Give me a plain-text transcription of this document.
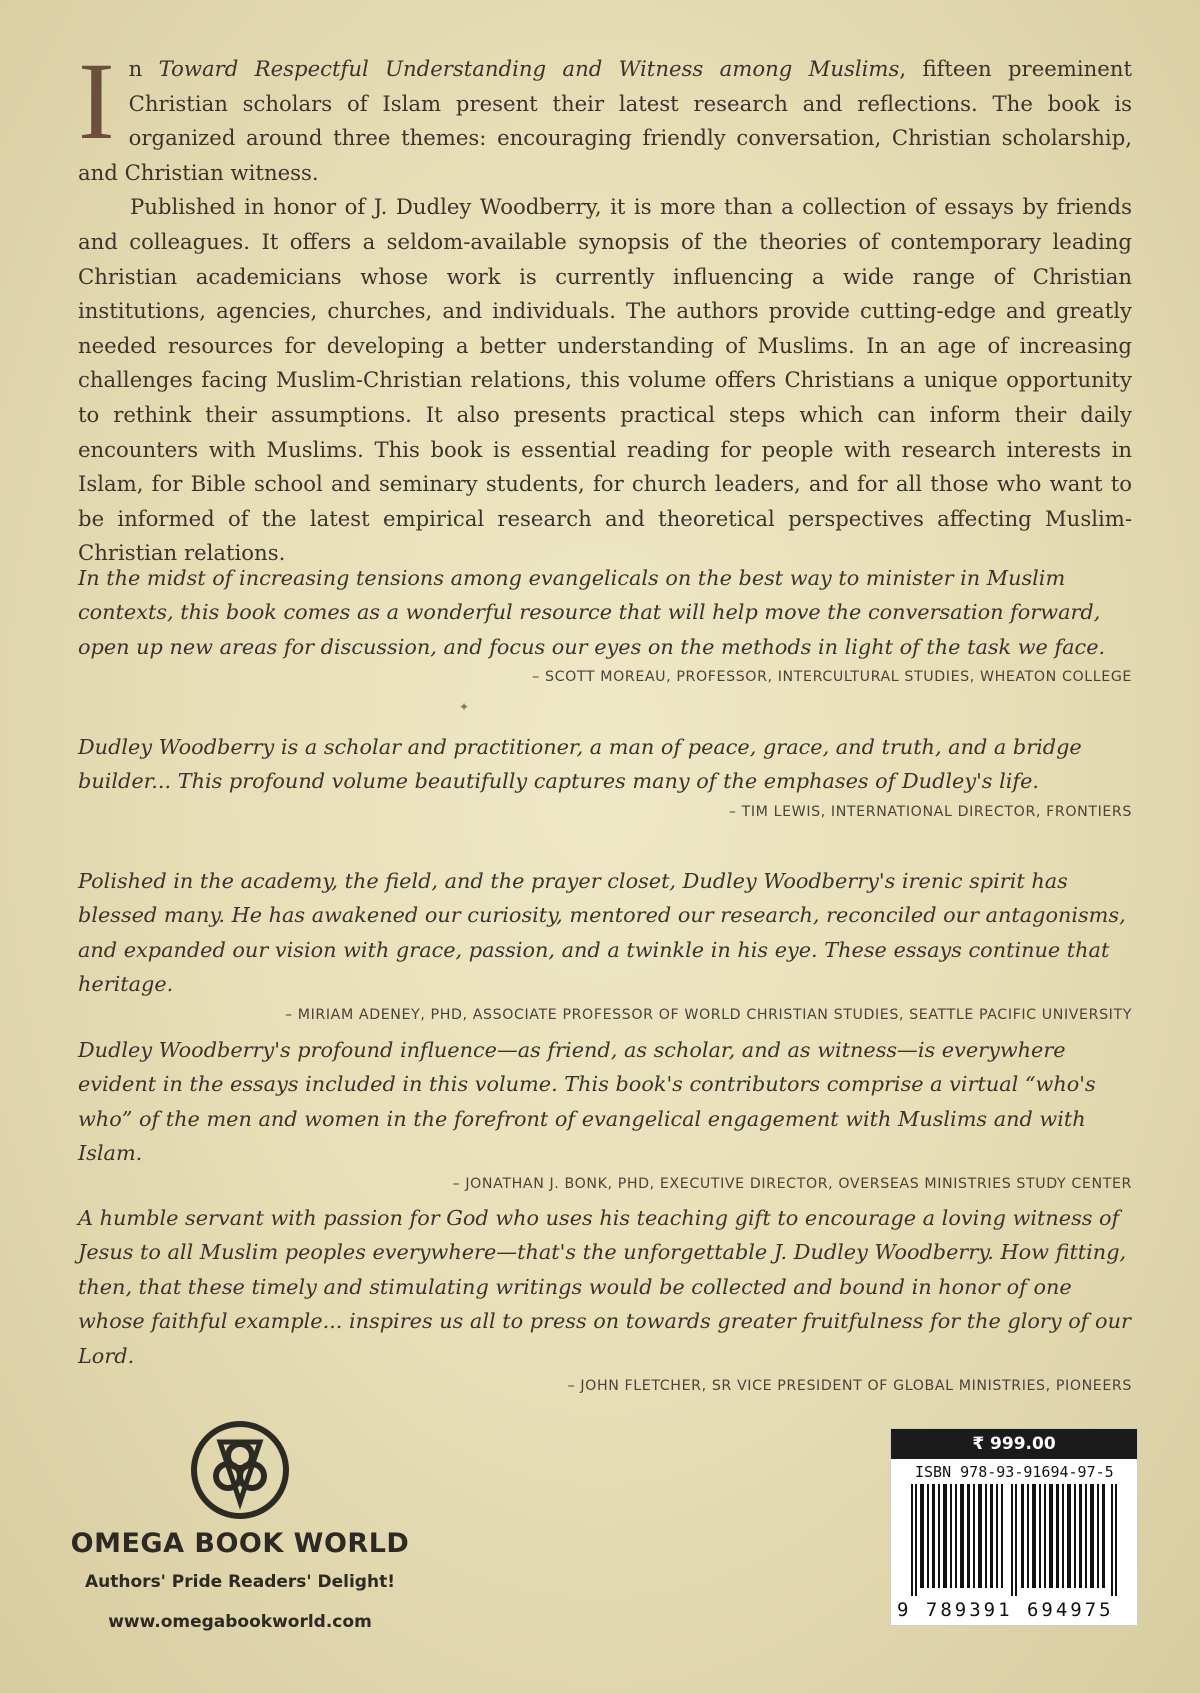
In Toward Respectful Understanding and Witness among Muslims, fifteen preeminent Christian scholars of Islam present their latest research and reflections. The book is organized around three themes: encouraging friendly conversation, Christian scholarship, and Christian witness.

Published in honor of J. Dudley Woodberry, it is more than a collection of essays by friends and colleagues. It offers a seldom-available synopsis of the theories of contemporary leading Christian academicians whose work is currently influencing a wide range of Christian institutions, agencies, churches, and individuals. The authors provide cutting-edge and greatly needed resources for developing a better understanding of Muslims. In an age of increasing challenges facing Muslim-Christian relations, this volume offers Christians a unique opportunity to rethink their assumptions. It also presents practical steps which can inform their daily encounters with Muslims. This book is essential reading for people with research interests in Islam, for Bible school and seminary students, for church leaders, and for all those who want to be informed of the latest empirical research and theoretical perspectives affecting Muslim-Christian relations.

In the midst of increasing tensions among evangelicals on the best way to minister in Muslim contexts, this book comes as a wonderful resource that will help move the conversation forward, open up new areas for discussion, and focus our eyes on the methods in light of the task we face.

– SCOTT MOREAU, PROFESSOR, INTERCULTURAL STUDIES, WHEATON COLLEGE
✦

Dudley Woodberry is a scholar and practitioner, a man of peace, grace, and truth, and a bridge builder... This profound volume beautifully captures many of the emphases of Dudley's life.

– TIM LEWIS, INTERNATIONAL DIRECTOR, FRONTIERS

Polished in the academy, the field, and the prayer closet, Dudley Woodberry's irenic spirit has blessed many. He has awakened our curiosity, mentored our research, reconciled our antagonisms, and expanded our vision with grace, passion, and a twinkle in his eye. These essays continue that heritage.

– MIRIAM ADENEY, PHD, ASSOCIATE PROFESSOR OF WORLD CHRISTIAN STUDIES, SEATTLE PACIFIC UNIVERSITY

Dudley Woodberry's profound influence—as friend, as scholar, and as witness—is everywhere evident in the essays included in this volume. This book's contributors comprise a virtual “who's who” of the men and women in the forefront of evangelical engagement with Muslims and with Islam.

– JONATHAN J. BONK, PHD, EXECUTIVE DIRECTOR, OVERSEAS MINISTRIES STUDY CENTER

A humble servant with passion for God who uses his teaching gift to encourage a loving witness of Jesus to all Muslim peoples everywhere—that's the unforgettable J. Dudley Woodberry. How fitting, then, that these timely and stimulating writings would be collected and bound in honor of one whose faithful example... inspires us all to press on towards greater fruitfulness for the glory of our Lord.

– JOHN FLETCHER, SR VICE PRESIDENT OF GLOBAL MINISTRIES, PIONEERS
OMEGA BOOK WORLD
Authors' Pride Readers' Delight!
www.omegabookworld.com
₹ 999.00
ISBN 978-93-91694-97-5
9 789391 694975
